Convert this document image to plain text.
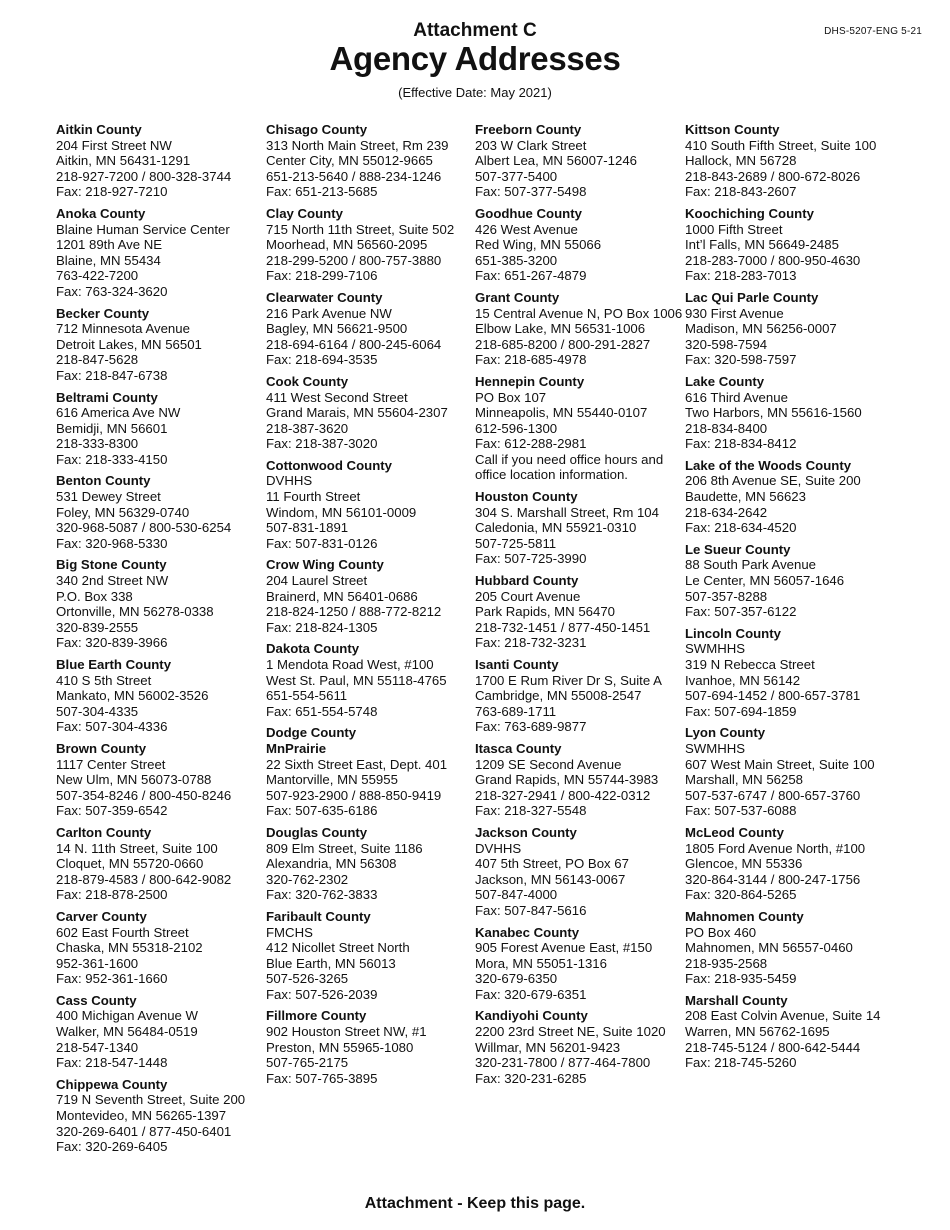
DHS-5207-ENG 5-21
Attachment C
Agency Addresses
(Effective Date: May 2021)
Aitkin County
204 First Street NW
Aitkin, MN 56431-1291
218-927-7200 / 800-328-3744
Fax: 218-927-7210
Anoka County
Blaine Human Service Center
1201 89th Ave NE
Blaine, MN 55434
763-422-7200
Fax: 763-324-3620
Becker County
712 Minnesota Avenue
Detroit Lakes, MN 56501
218-847-5628
Fax: 218-847-6738
Beltrami County
616 America Ave NW
Bemidji, MN 56601
218-333-8300
Fax: 218-333-4150
Benton County
531 Dewey Street
Foley, MN 56329-0740
320-968-5087 / 800-530-6254
Fax: 320-968-5330
Big Stone County
340 2nd Street NW
P.O. Box 338
Ortonville, MN 56278-0338
320-839-2555
Fax: 320-839-3966
Blue Earth County
410 S 5th Street
Mankato, MN 56002-3526
507-304-4335
Fax: 507-304-4336
Brown County
1117 Center Street
New Ulm, MN 56073-0788
507-354-8246 / 800-450-8246
Fax: 507-359-6542
Carlton County
14 N. 11th Street, Suite 100
Cloquet, MN 55720-0660
218-879-4583 / 800-642-9082
Fax: 218-878-2500
Carver County
602 East Fourth Street
Chaska, MN 55318-2102
952-361-1600
Fax: 952-361-1660
Cass County
400 Michigan Avenue W
Walker, MN 56484-0519
218-547-1340
Fax: 218-547-1448
Chippewa County
719 N Seventh Street, Suite 200
Montevideo, MN 56265-1397
320-269-6401 / 877-450-6401
Fax: 320-269-6405
Chisago County
313 North Main Street, Rm 239
Center City, MN 55012-9665
651-213-5640 / 888-234-1246
Fax: 651-213-5685
Clay County
715 North 11th Street, Suite 502
Moorhead, MN 56560-2095
218-299-5200 / 800-757-3880
Fax: 218-299-7106
Clearwater County
216 Park Avenue NW
Bagley, MN 56621-9500
218-694-6164 / 800-245-6064
Fax: 218-694-3535
Cook County
411 West Second Street
Grand Marais, MN 55604-2307
218-387-3620
Fax: 218-387-3020
Cottonwood County
DVHHS
11 Fourth Street
Windom, MN 56101-0009
507-831-1891
Fax: 507-831-0126
Crow Wing County
204 Laurel Street
Brainerd, MN 56401-0686
218-824-1250 / 888-772-8212
Fax: 218-824-1305
Dakota County
1 Mendota Road West, #100
West St. Paul, MN 55118-4765
651-554-5611
Fax: 651-554-5748
Dodge County
MnPrairie
22 Sixth Street East, Dept. 401
Mantorville, MN 55955
507-923-2900 / 888-850-9419
Fax: 507-635-6186
Douglas County
809 Elm Street, Suite 1186
Alexandria, MN 56308
320-762-2302
Fax: 320-762-3833
Faribault County
FMCHS
412 Nicollet Street North
Blue Earth, MN 56013
507-526-3265
Fax: 507-526-2039
Fillmore County
902 Houston Street NW, #1
Preston, MN 55965-1080
507-765-2175
Fax: 507-765-3895
Freeborn County
203 W Clark Street
Albert Lea, MN 56007-1246
507-377-5400
Fax: 507-377-5498
Goodhue County
426 West Avenue
Red Wing, MN 55066
651-385-3200
Fax: 651-267-4879
Grant County
15 Central Avenue N, PO Box 1006
Elbow Lake, MN 56531-1006
218-685-8200 / 800-291-2827
Fax: 218-685-4978
Hennepin County
PO Box 107
Minneapolis, MN 55440-0107
612-596-1300
Fax: 612-288-2981
Call if you need office hours and
office location information.
Houston County
304 S. Marshall Street, Rm 104
Caledonia, MN 55921-0310
507-725-5811
Fax: 507-725-3990
Hubbard County
205 Court Avenue
Park Rapids, MN 56470
218-732-1451 / 877-450-1451
Fax: 218-732-3231
Isanti County
1700 E Rum River Dr S, Suite A
Cambridge, MN 55008-2547
763-689-1711
Fax: 763-689-9877
Itasca County
1209 SE Second Avenue
Grand Rapids, MN 55744-3983
218-327-2941 / 800-422-0312
Fax: 218-327-5548
Jackson County
DVHHS
407 5th Street, PO Box 67
Jackson, MN 56143-0067
507-847-4000
Fax: 507-847-5616
Kanabec County
905 Forest Avenue East, #150
Mora, MN 55051-1316
320-679-6350
Fax: 320-679-6351
Kandiyohi County
2200 23rd Street NE, Suite 1020
Willmar, MN 56201-9423
320-231-7800 / 877-464-7800
Fax: 320-231-6285
Kittson County
410 South Fifth Street, Suite 100
Hallock, MN 56728
218-843-2689 / 800-672-8026
Fax: 218-843-2607
Koochiching County
1000 Fifth Street
Int’l Falls, MN 56649-2485
218-283-7000 / 800-950-4630
Fax: 218-283-7013
Lac Qui Parle County
930 First Avenue
Madison, MN 56256-0007
320-598-7594
Fax: 320-598-7597
Lake County
616 Third Avenue
Two Harbors, MN 55616-1560
218-834-8400
Fax: 218-834-8412
Lake of the Woods County
206 8th Avenue SE, Suite 200
Baudette, MN 56623
218-634-2642
Fax: 218-634-4520
Le Sueur County
88 South Park Avenue
Le Center, MN 56057-1646
507-357-8288
Fax: 507-357-6122
Lincoln County
SWMHHS
319 N Rebecca Street
Ivanhoe, MN 56142
507-694-1452 / 800-657-3781
Fax: 507-694-1859
Lyon County
SWMHHS
607 West Main Street, Suite 100
Marshall, MN 56258
507-537-6747 / 800-657-3760
Fax: 507-537-6088
McLeod County
1805 Ford Avenue North, #100
Glencoe, MN 55336
320-864-3144 / 800-247-1756
Fax: 320-864-5265
Mahnomen County
PO Box 460
Mahnomen, MN 56557-0460
218-935-2568
Fax: 218-935-5459
Marshall County
208 East Colvin Avenue, Suite 14
Warren, MN 56762-1695
218-745-5124 / 800-642-5444
Fax: 218-745-5260
Attachment - Keep this page.
